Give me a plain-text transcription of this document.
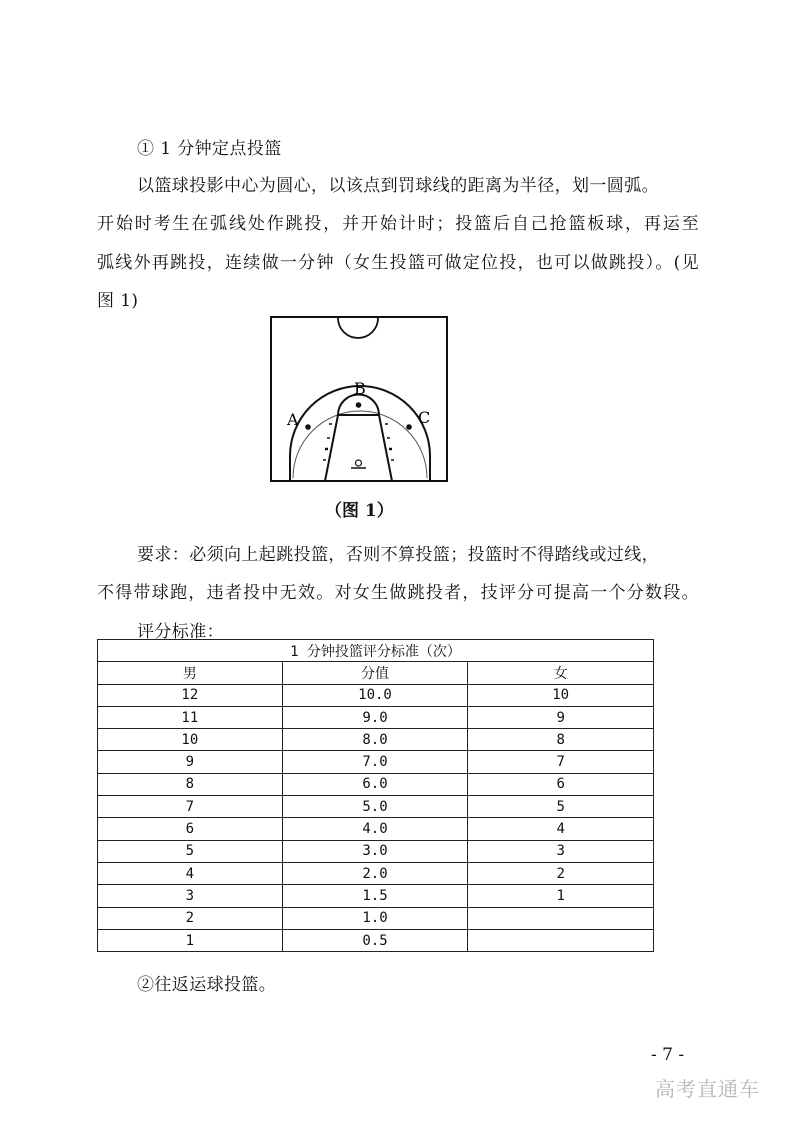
① 1 分钟定点投篮
以篮球投影中心为圆心，以该点到罚球线的距离为半径，划一圆弧。
开始时考生在弧线处作跳投，并开始计时；投篮后自己抢篮板球，再运至
弧线外再跳投，连续做一分钟（女生投篮可做定位投，也可以做跳投）。(见
图 1)
A
B
C
（图 1）
要求：必须向上起跳投篮，否则不算投篮；投篮时不得踏线或过线，
不得带球跑，违者投中无效。对女生做跳投者，技评分可提高一个分数段。
评分标准：
1 分钟投篮评分标准（次）		
男	分值	女
12	10.0	10
11	9.0	9
10	8.0	8
9	7.0	7
8	6.0	6
7	5.0	5
6	4.0	4
5	3.0	3
4	2.0	2
3	1.5	1
2	1.0	
1	0.5	
②往返运球投篮。
- 7 -
高考直通车
